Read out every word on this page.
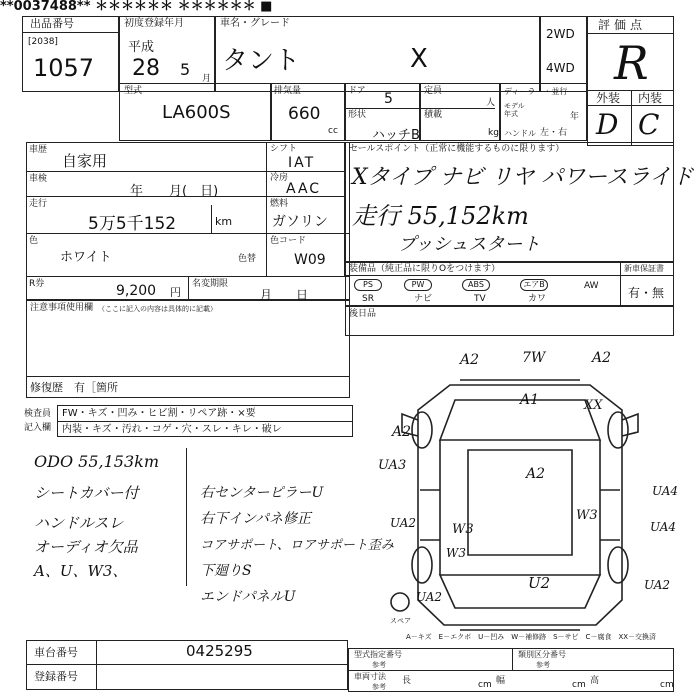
**0037488** ＊＊＊＊＊＊ ＊＊＊＊＊＊ ■
出品番号
[2038]
1057
初度登録年月
平成
28 5 月
車名・グレード
タント	X
2WD
4WD
評価点
R
外装 内装
D C
型式
LA600S
排気量
660
cc
ドア 5
形状
ハッチB
定員
人
積載
kg
ディーラー・並行
モデル年式	年
ハンドル 左・右
車歴
自家用
車検
年　　月(　日)
走行
5万5千152	km
色
ホワイト	色替
R券	9,200 円
名変期限
月　　日
シフト
IAT
冷房
AAC
燃料
ガソリン
色コード
W09
セールスポイント（正常に機能するものに限ります）
Xタイプ ナビ リヤ パワースライド
走行 55,152km
プッシュスタート
装備品（純正品に限りOをつけます）	新車保証書
有・無
PS	PW	ABS	エアB	AW
SR	ナビ	TV	カワ
注意事項使用欄 （ここに記入の内容は具体的に記載）
修復歴 有［箇所
後日品
検査員
記入欄
FW・キズ・凹み・ヒビ割・リペア跡・×要
内装・キズ・汚れ・コゲ・穴・スレ・キレ・破レ
ODO 55,153km
シートカバー付
ハンドルスレ
オーディオ欠品
A、U、W3、
右センターピラーU
右下インパネ修正
コアサポート、ロアサポート歪み
下廻りS
エンドパネルU
スペア
A2	7W	A2
A1	XX
A2
UA3
A2
W3
UA4
UA2	W3
UA4
W3
U2	UA2
UA2
A－キズ　E－エクボ　U－凹み　W－補修跡　S－サビ　C－腐食　XX－交換済
車台番号	0425295
登録番号
型式指定番号
参考
類別区分番号
参考
車両寸法
参考
長	cm 幅	cm 高	cm
